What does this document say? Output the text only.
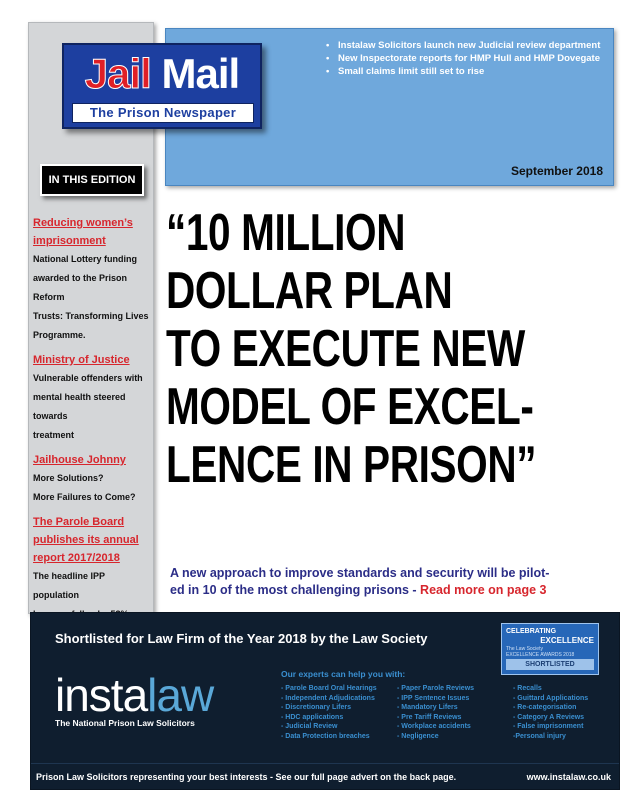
• Instalaw Solicitors launch new Judicial review department
• New Inspectorate reports for HMP Hull and HMP Dovegate
• Small claims limit still set to rise
September 2018
Jail Mail
The Prison Newspaper
IN THIS EDITION
Reducing women’s
imprisonment
National Lottery funding
awarded to the Prison Reform
Trusts: Transforming Lives
Programme.
Ministry of Justice
Vulnerable offenders with
mental health steered towards
treatment
Jailhouse Johnny
More Solutions?
More Failures to Come?
The Parole Board
publishes its annual
report 2017/2018
The headline IPP population
“10 MILLION
DOLLAR PLAN
TO EXECUTE NEW
MODEL OF EXCEL-
LENCE IN PRISON”
A new approach to improve standards and security will be pilot-
ed in 10 of the most challenging prisons - Read more on page 3
Shortlisted for Law Firm of the Year 2018 by the Law Society	CELEBRATING
EXCELLENCE
The Law Society
EXCELLENCE AWARDS 2018
SHORTLISTED
instalaw
The National Prison Law Solicitors
Our experts can help you with:
- Parole Board Oral Hearings
- Independent Adjudications
- Discretionary Lifers
- HDC applications
- Judicial Review
- Data Protection breaches
- Paper Parole Reviews
- IPP Sentence Issues
- Mandatory Lifers
- Pre Tariff Reviews
- Workplace accidents
- Negligence
- Recalls
- Guittard Applications
- Re-categorisation
- Category A Reviews
- False imprisonment
-Personal injury
Prison Law Solicitors representing your best interests - See our full page advert on the back page.	www.instalaw.co.uk
